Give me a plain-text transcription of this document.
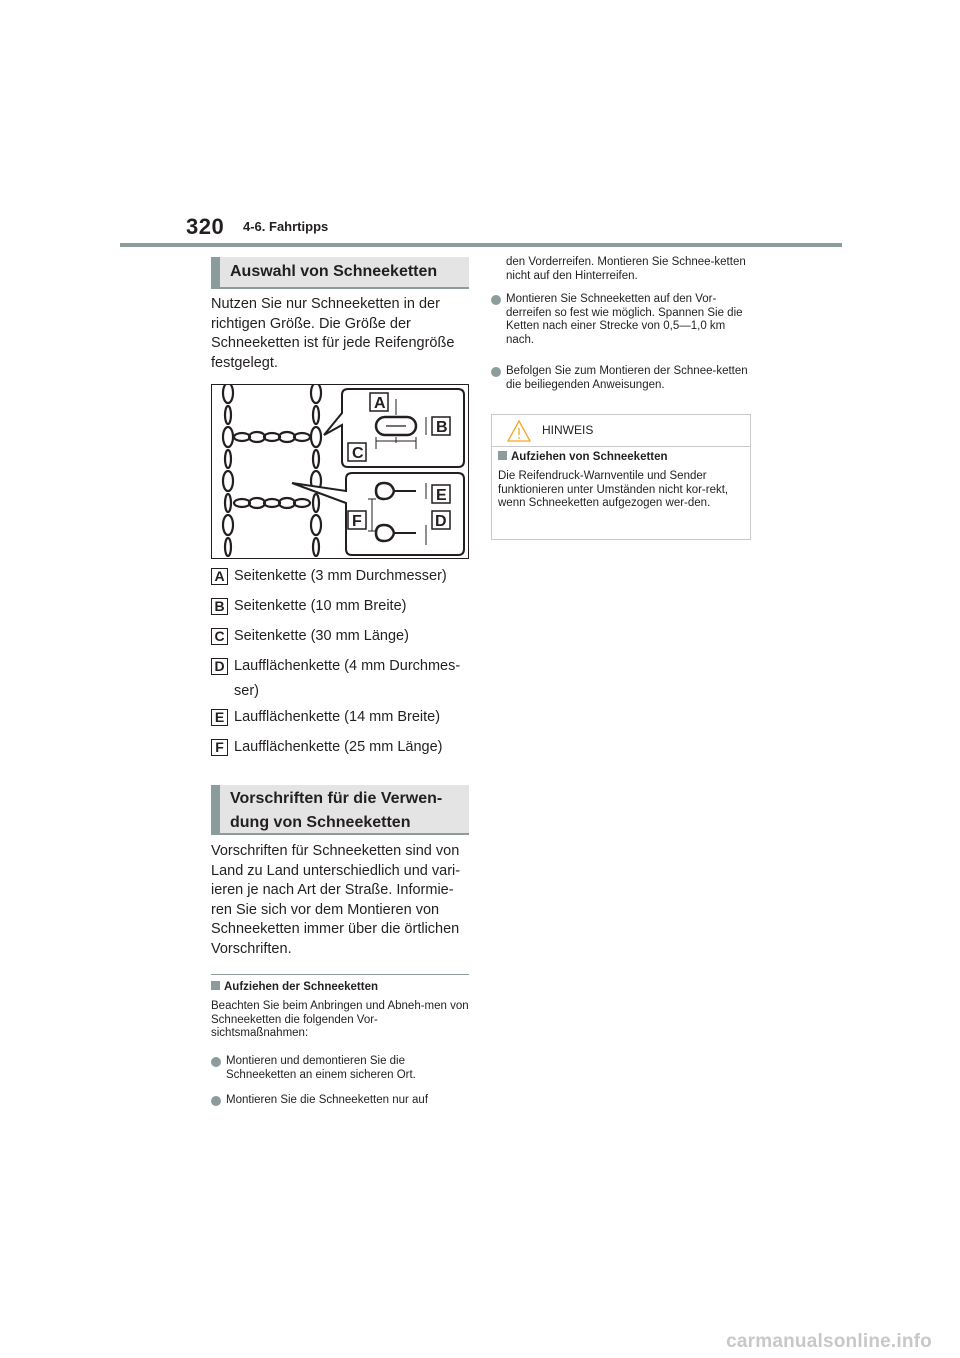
320 4-6. Fahrtipps
Auswahl von Schneeketten
Nutzen Sie nur Schneeketten in der richtigen Größe. Die Größe der Schneeketten ist für jede Reifengröße festgelegt.
A
B
C
E
F	D
A Seitenkette (3 mm Durchmesser)
B Seitenkette (10 mm Breite)
C Seitenkette (30 mm Länge)
D Laufflächenkette (4 mm Durchmes-ser)
E Laufflächenkette (14 mm Breite)
F Laufflächenkette (25 mm Länge)
Vorschriften für die Verwen-dung von Schneeketten
Vorschriften für Schneeketten sind von Land zu Land unterschiedlich und vari-ieren je nach Art der Straße. Informie-ren Sie sich vor dem Montieren von Schneeketten immer über die örtlichen Vorschriften.
Aufziehen der Schneeketten
Beachten Sie beim Anbringen und Abneh-men von Schneeketten die folgenden Vor-sichtsmaßnahmen:
Montieren und demontieren Sie die Schneeketten an einem sicheren Ort.
Montieren Sie die Schneeketten nur auf
den Vorderreifen. Montieren Sie Schnee-ketten nicht auf den Hinterreifen.
Montieren Sie Schneeketten auf den Vor-derreifen so fest wie möglich. Spannen Sie die Ketten nach einer Strecke von 0,5—1,0 km nach.
Befolgen Sie zum Montieren der Schnee-ketten die beiliegenden Anweisungen.
HINWEIS
Aufziehen von Schneeketten
Die Reifendruck-Warnventile und Sender funktionieren unter Umständen nicht kor-rekt, wenn Schneeketten aufgezogen wer-den.
carmanualsonline.info
